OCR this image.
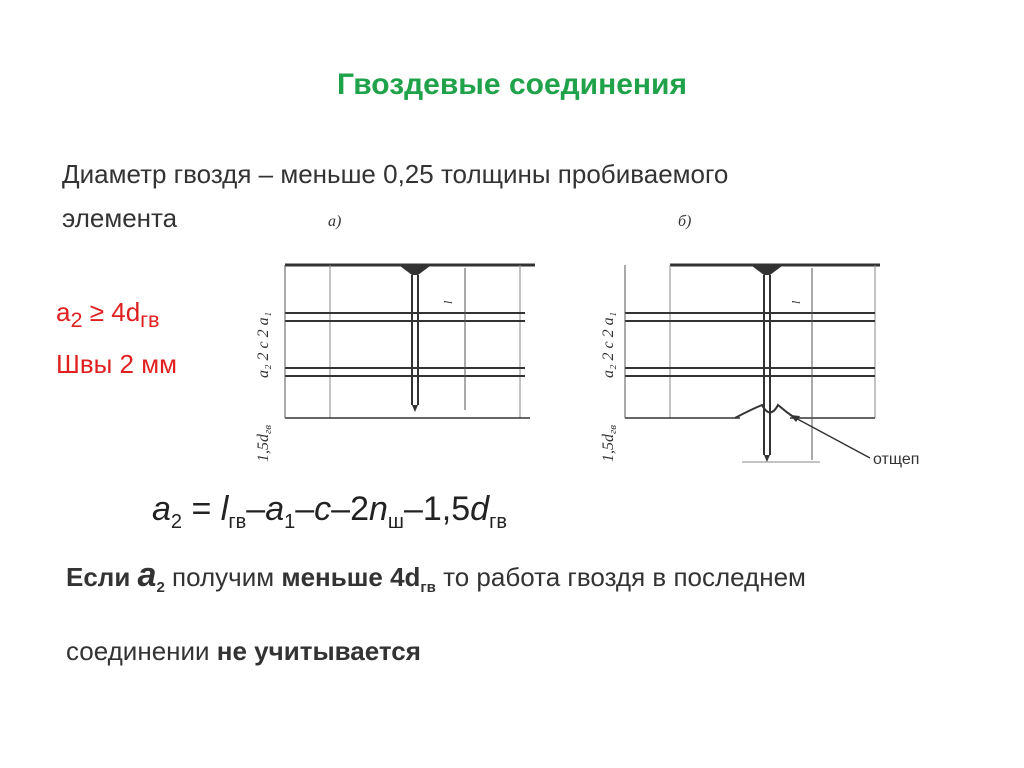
Гвоздевые соединения
Диаметр гвоздя – меньше 0,25 толщины пробиваемого
элемента
$a_2 \ge 4d_{гв}$
Швы 2 мм
а)
l
1,5dгв
a₂ 2 c 2 a₁
б)
l
1,5dгв
a₂ 2 c 2 a₁
отщеп
$a_2 = l_{гв}-a_1-c-2n_ш-1,5d_{гв}$
Если $a_2$ получим меньше $4d_{гв}$ то работа гвоздя в последнем
соединении не учитывается
